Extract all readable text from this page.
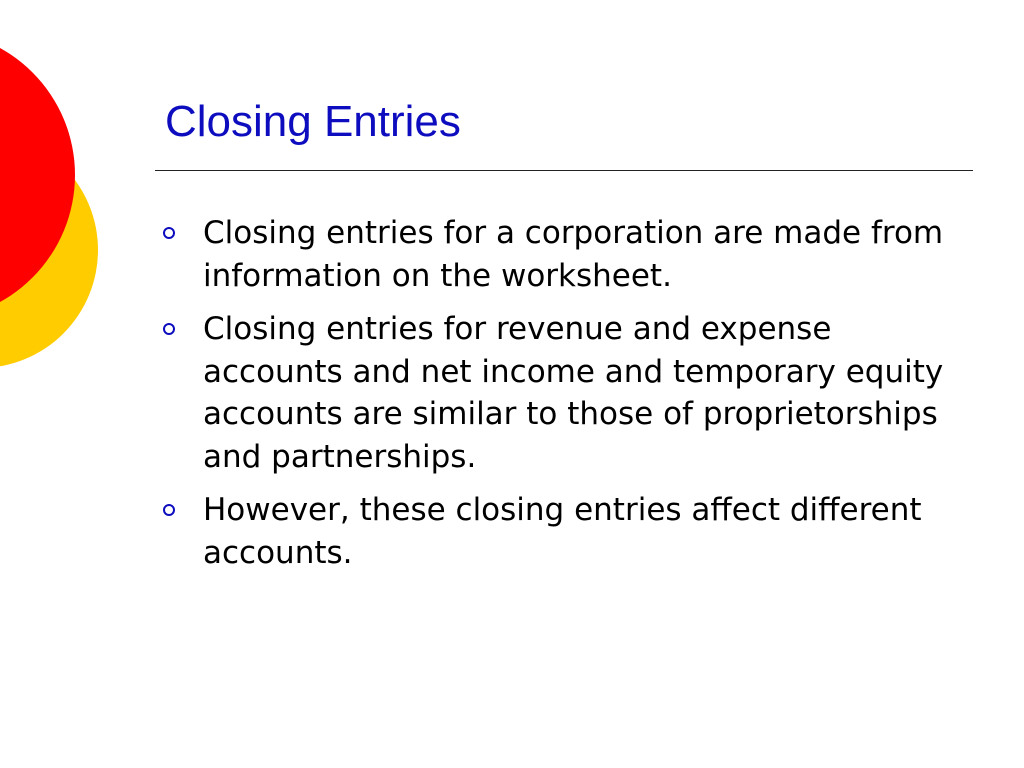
Closing Entries
Closing entries for a corporation are made from information on the worksheet.
Closing entries for revenue and expense accounts and net income and temporary equity accounts are similar to those of proprietorships and partnerships.
However, these closing entries affect different accounts.
